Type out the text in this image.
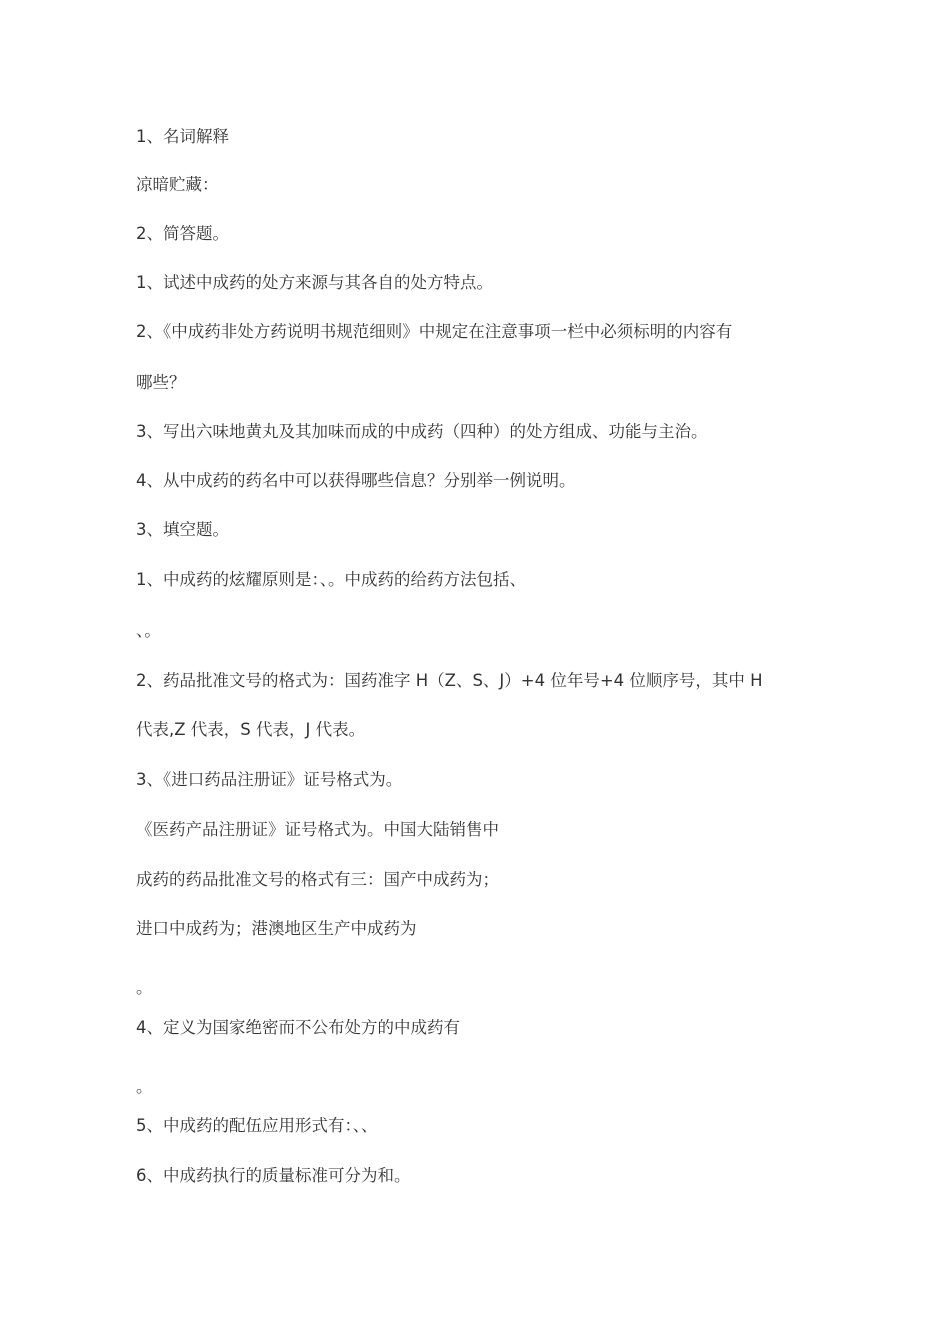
1、名词解释
凉暗贮藏：
2、简答题。
1、试述中成药的处方来源与其各自的处方特点。
2、《中成药非处方药说明书规范细则》中规定在注意事项一栏中必须标明的内容有
哪些？
3、写出六味地黄丸及其加味而成的中成药（四种）的处方组成、功能与主治。
4、从中成药的药名中可以获得哪些信息？分别举一例说明。
3、填空题。
1、中成药的炫耀原则是：、。中成药的给药方法包括、
、。
2、药品批准文号的格式为：国药准字 H（Z、S、J）+4 位年号+4 位顺序号，其中 H
代表,Z 代表，S 代表，J 代表。
3、《进口药品注册证》证号格式为。
《医药产品注册证》证号格式为。中国大陆销售中
成药的药品批准文号的格式有三：国产中成药为；
进口中成药为；港澳地区生产中成药为
。
4、定义为国家绝密而不公布处方的中成药有
。
5、中成药的配伍应用形式有：、、
6、中成药执行的质量标准可分为和。
